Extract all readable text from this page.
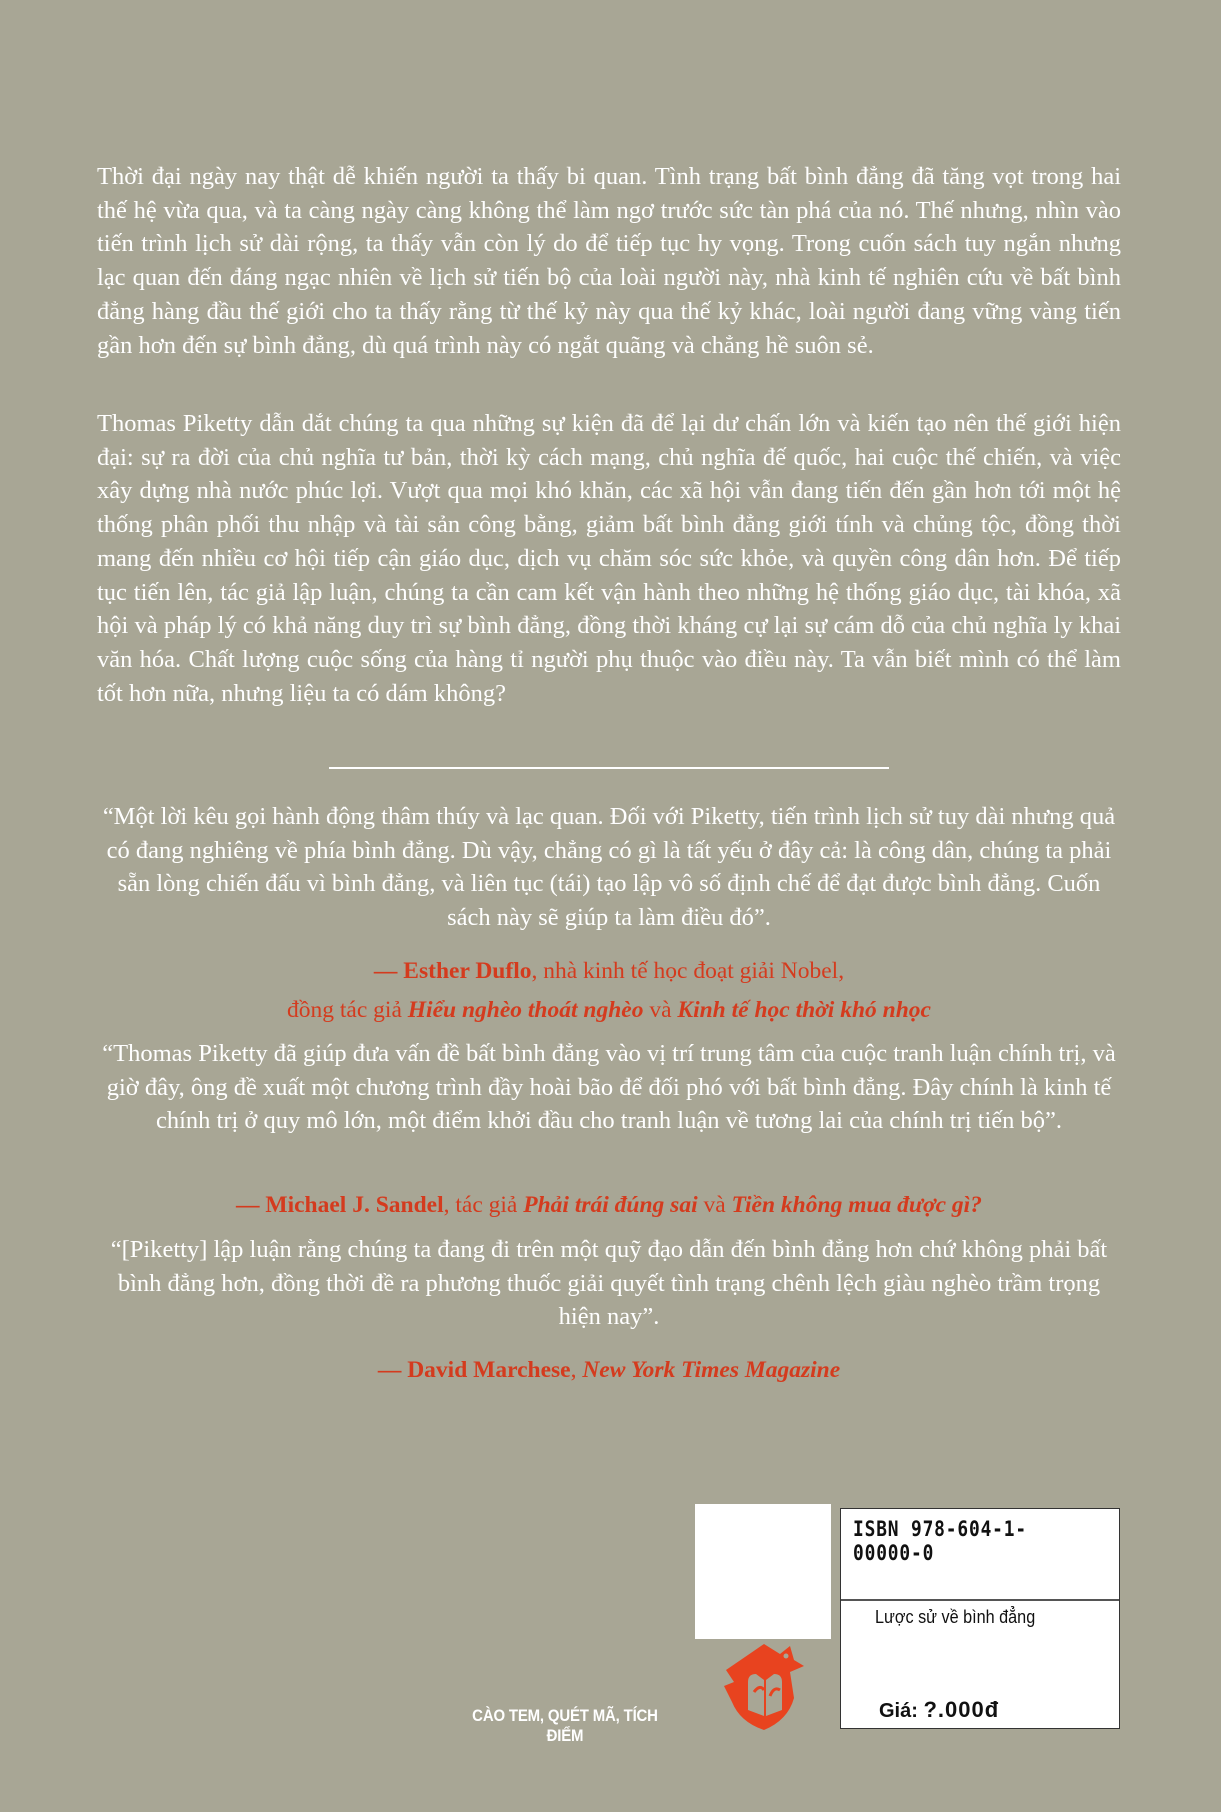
Thời đại ngày nay thật dễ khiến người ta thấy bi quan. Tình trạng bất bình đẳng đã tăng vọt trong hai thế hệ vừa qua, và ta càng ngày càng không thể làm ngơ trước sức tàn phá của nó. Thế nhưng, nhìn vào tiến trình lịch sử dài rộng, ta thấy vẫn còn lý do để tiếp tục hy vọng. Trong cuốn sách tuy ngắn nhưng lạc quan đến đáng ngạc nhiên về lịch sử tiến bộ của loài người này, nhà kinh tế nghiên cứu về bất bình đẳng hàng đầu thế giới cho ta thấy rằng từ thế kỷ này qua thế kỷ khác, loài người đang vững vàng tiến gần hơn đến sự bình đẳng, dù quá trình này có ngắt quãng và chẳng hề suôn sẻ.

Thomas Piketty dẫn dắt chúng ta qua những sự kiện đã để lại dư chấn lớn và kiến tạo nên thế giới hiện đại: sự ra đời của chủ nghĩa tư bản, thời kỳ cách mạng, chủ nghĩa đế quốc, hai cuộc thế chiến, và việc xây dựng nhà nước phúc lợi. Vượt qua mọi khó khăn, các xã hội vẫn đang tiến đến gần hơn tới một hệ thống phân phối thu nhập và tài sản công bằng, giảm bất bình đẳng giới tính và chủng tộc, đồng thời mang đến nhiều cơ hội tiếp cận giáo dục, dịch vụ chăm sóc sức khỏe, và quyền công dân hơn. Để tiếp tục tiến lên, tác giả lập luận, chúng ta cần cam kết vận hành theo những hệ thống giáo dục, tài khóa, xã hội và pháp lý có khả năng duy trì sự bình đẳng, đồng thời kháng cự lại sự cám dỗ của chủ nghĩa ly khai văn hóa. Chất lượng cuộc sống của hàng tỉ người phụ thuộc vào điều này. Ta vẫn biết mình có thể làm tốt hơn nữa, nhưng liệu ta có dám không?

“Một lời kêu gọi hành động thâm thúy và lạc quan. Đối với Piketty, tiến trình lịch sử tuy dài nhưng quả có đang nghiêng về phía bình đẳng. Dù vậy, chẳng có gì là tất yếu ở đây cả: là công dân, chúng ta phải sẵn lòng chiến đấu vì bình đẳng, và liên tục (tái) tạo lập vô số định chế để đạt được bình đẳng. Cuốn sách này sẽ giúp ta làm điều đó”.

— Esther Duflo, nhà kinh tế học đoạt giải Nobel,

đồng tác giả Hiểu nghèo thoát nghèo và Kinh tế học thời khó nhọc

“Thomas Piketty đã giúp đưa vấn đề bất bình đẳng vào vị trí trung tâm của cuộc tranh luận chính trị, và giờ đây, ông đề xuất một chương trình đầy hoài bão để đối phó với bất bình đẳng. Đây chính là kinh tế chính trị ở quy mô lớn, một điểm khởi đầu cho tranh luận về tương lai của chính trị tiến bộ”.

— Michael J. Sandel, tác giả Phải trái đúng sai và Tiền không mua được gì?

“[Piketty] lập luận rằng chúng ta đang đi trên một quỹ đạo dẫn đến bình đẳng hơn chứ không phải bất bình đẳng hơn, đồng thời đề ra phương thuốc giải quyết tình trạng chênh lệch giàu nghèo trầm trọng hiện nay”.

— David Marchese, New York Times Magazine

CÀO TEM, QUÉT MÃ, TÍCH ĐIỂM
ISBN 978-604-1-00000-0
Lược sử về bình đẳng
Giá: ?.000đ
